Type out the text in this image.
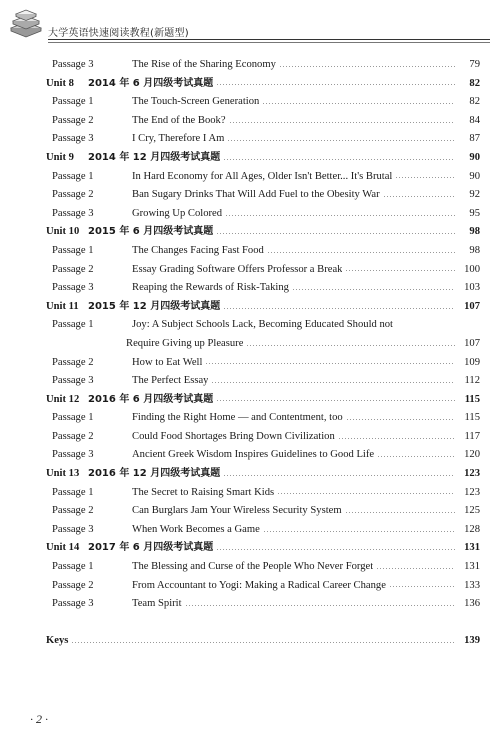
大学英语快速阅读教程(新题型)
Passage 3	The Rise of the Sharing Economy	79
Unit 8	2014 年 6 月四级考试真题	82
Passage 1	The Touch-Screen Generation	82
Passage 2	The End of the Book?	84
Passage 3	I Cry, Therefore I Am	87
Unit 9	2014 年 12 月四级考试真题	90
Passage 1	In Hard Economy for All Ages, Older Isn't Better... It's Brutal	90
Passage 2	Ban Sugary Drinks That Will Add Fuel to the Obesity War	92
Passage 3	Growing Up Colored	95
Unit 10 2015 年 6 月四级考试真题	98
Passage 1	The Changes Facing Fast Food	98
Passage 2	Essay Grading Software Offers Professor a Break	100
Passage 3	Reaping the Rewards of Risk-Taking	103
Unit 11 2015 年 12 月四级考试真题	107
Passage 1	Joy: A Subject Schools Lack, Becoming Educated Should not
Require Giving up Pleasure	107
Passage 2	How to Eat Well	109
Passage 3	The Perfect Essay	112
Unit 12 2016 年 6 月四级考试真题	115
Passage 1	Finding the Right Home — and Contentment, too	115
Passage 2	Could Food Shortages Bring Down Civilization	117
Passage 3	Ancient Greek Wisdom Inspires Guidelines to Good Life	120
Unit 13 2016 年 12 月四级考试真题	123
Passage 1	The Secret to Raising Smart Kids	123
Passage 2	Can Burglars Jam Your Wireless Security System	125
Passage 3	When Work Becomes a Game	128
Unit 14 2017 年 6 月四级考试真题	131
Passage 1	The Blessing and Curse of the People Who Never Forget	131
Passage 2	From Accountant to Yogi: Making a Radical Career Change	133
Passage 3	Team Spirit	136
Keys	139
· 2 ·
